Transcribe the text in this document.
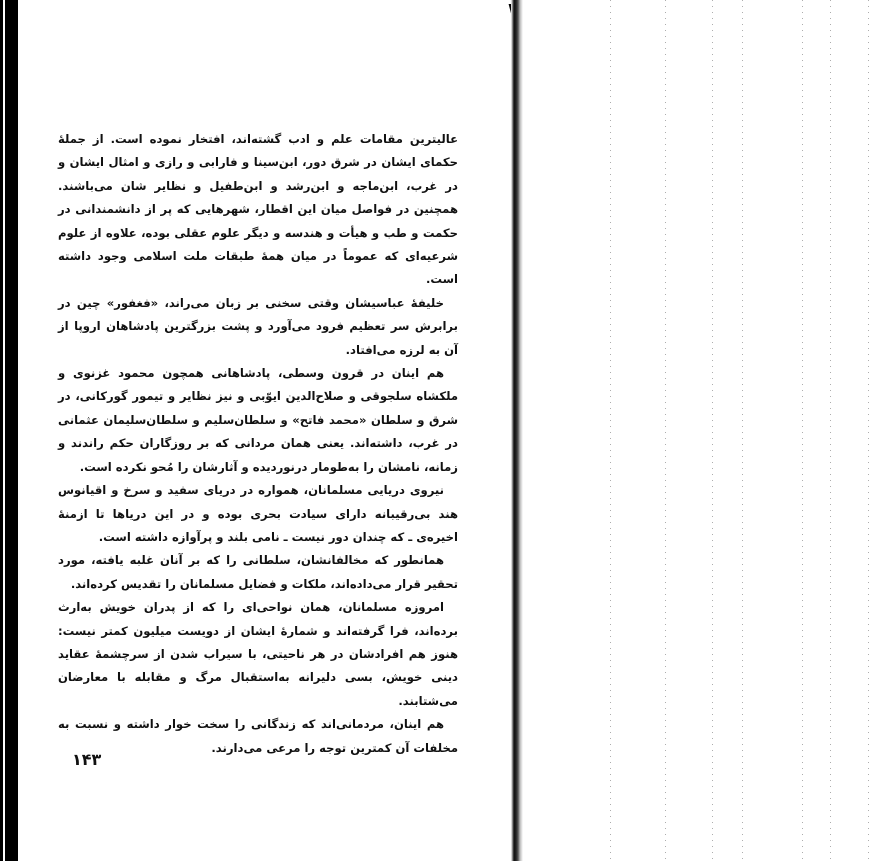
عالیترین مقامات علم و ادب گشته‌اند، افتخار نموده است. از جملهٔ حکمای ایشان در شرق دور، ابن‌سینا و فارابی و رازی و امثال ایشان و در غرب، ابن‌ماجه و ابن‌رشد و ابن‌طفیل و نظایر شان می‌باشند. همچنین در فواصل میان این اقطار، شهرهایی که پر از دانشمندانی در حکمت و طب و هیأت و هندسه و دیگر علوم عقلی بوده، علاوه از علوم شرعیه‌ای که عموماً در میان همهٔ طبقات ملت اسلامی وجود داشته است.

خلیفهٔ عباسیشان وقتی سخنی بر زبان می‌راند، «فغفور» چین در برابرش سر تعظیم فرود می‌آورد و پشت بزرگترین پادشاهان اروپا از آن به لرزه می‌افتاد.

هم اینان در قرون وسطی، پادشاهانی همچون محمود غزنوی و ملکشاه سلجوقی و صلاح‌الدین ایوّبی و نیز نظایر و تیمور گورکانی، در شرق و سلطان «محمد فاتح» و سلطان‌سلیم و سلطان‌سلیمان عثمانی در غرب، داشته‌اند. یعنی همان مردانی که بر روزگاران حکم راندند و زمانه، نامشان را به‌طومار درنوردیده و آثارشان را مُحو نکرده است.

نیروی دریایی مسلمانان، همواره در دریای سفید و سرخ و اقیانوس هند بی‌رقیبانه دارای سیادت بحری بوده و در این دریاها تا ازمنهٔ اخیره‌ی ـ که چندان دور نیست ـ نامی بلند و پرآوازه داشته است.

همانطور که مخالفانشان، سلطانی را که بر آنان غلبه یافته، مورد تحقیر قرار می‌داده‌اند، ملکات و فضایل مسلمانان را تقدیس کرده‌اند.

امروزه مسلمانان، همان نواحی‌ای را که از پدران خویش به‌ارث برده‌اند، فرا گرفته‌اند و شمارهٔ ایشان از دویست میلیون کمتر نیست: هنوز هم افرادشان در هر ناحیتی، با سیراب شدن از سرچشمهٔ عقاید دینی خویش، بسی دلیرانه به‌استقبال مرگ و مقابله با معارضان می‌شتابند.

هم اینان، مردمانی‌اند که زندگانی را سخت خوار داشته و نسبت به مخلفات آن کمترین توجه را مرعی می‌دارند.

۱۴۳
